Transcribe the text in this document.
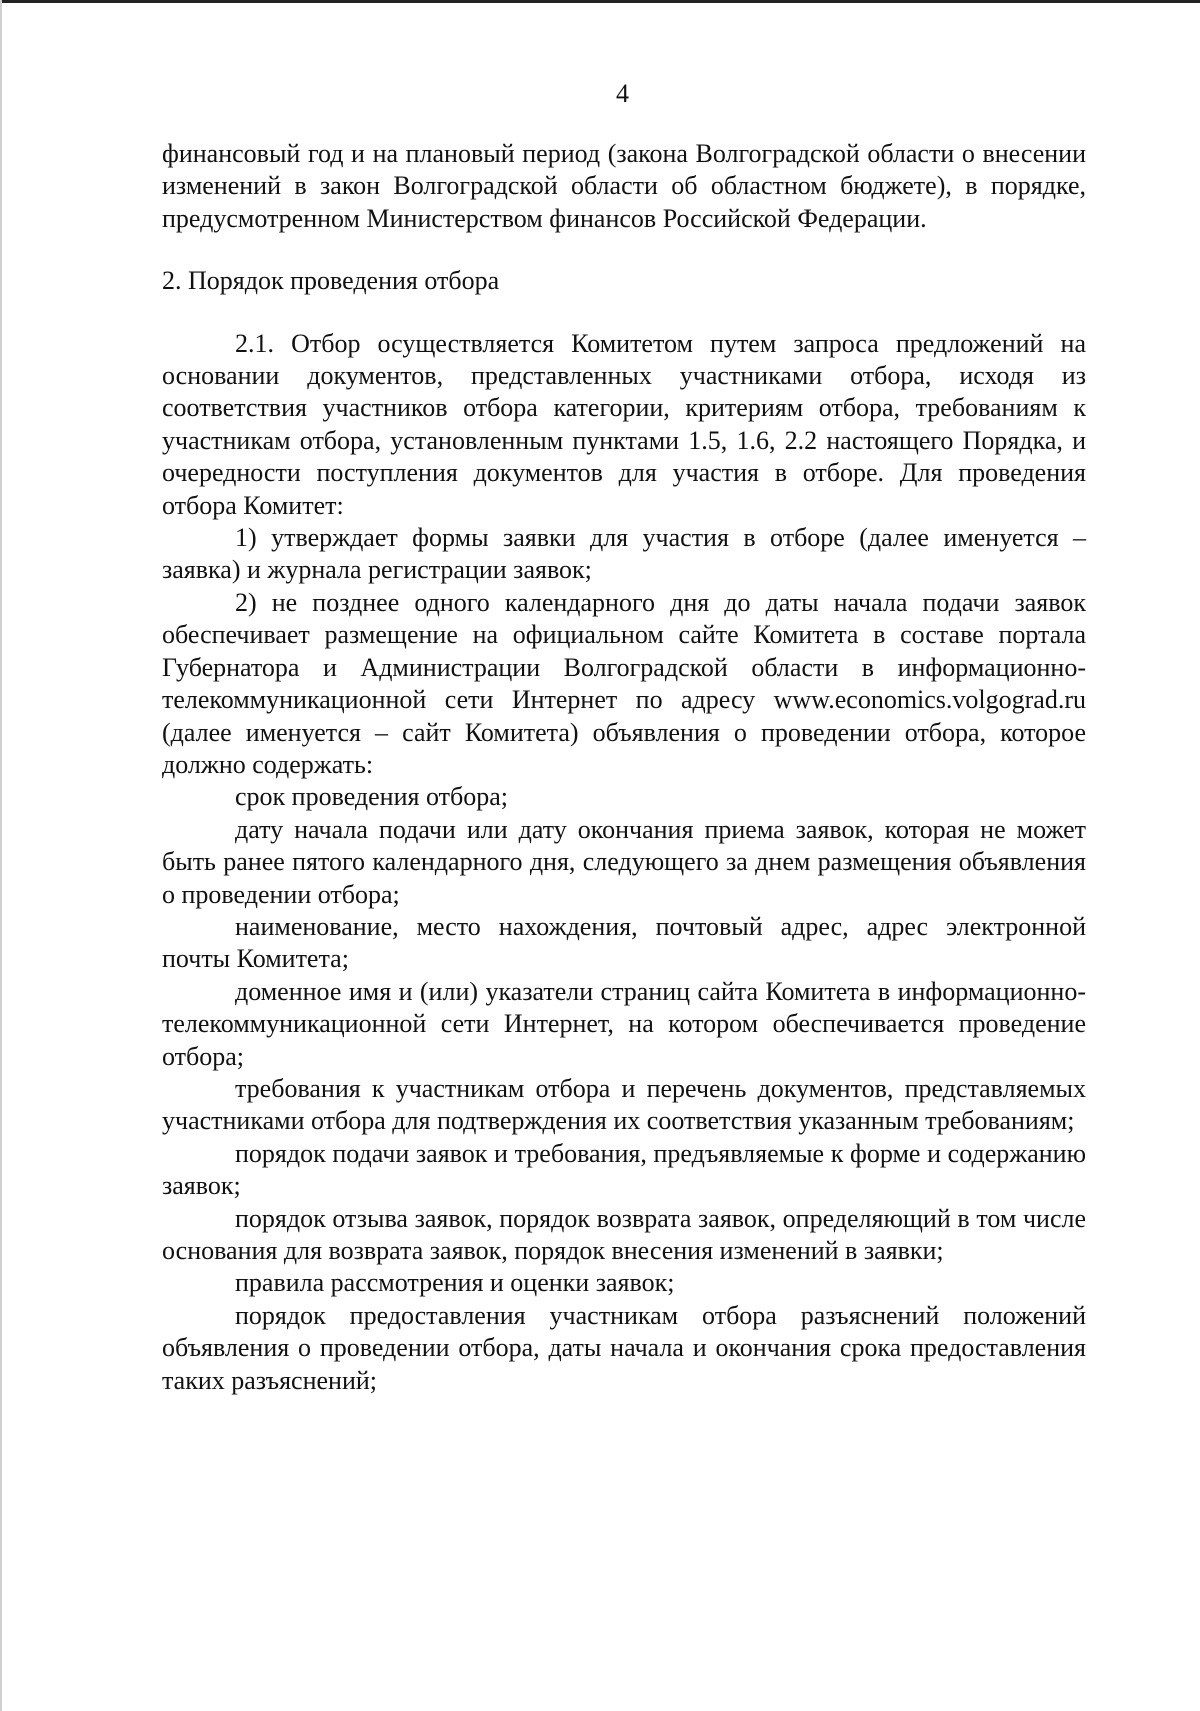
4

финансовый год и на плановый период (закона Волгоградской области о внесении изменений в закон Волгоградской области об областном бюджете), в порядке, предусмотренном Министерством финансов Российской Федерации.

2. Порядок проведения отбора

2.1. Отбор осуществляется Комитетом путем запроса предложений на основании документов, представленных участниками отбора, исходя из соответствия участников отбора категории, критериям отбора, требованиям к участникам отбора, установленным пунктами 1.5, 1.6, 2.2 настоящего Порядка, и очередности поступления документов для участия в отборе. Для проведения отбора Комитет:

1) утверждает формы заявки для участия в отборе (далее именуется – заявка) и журнала регистрации заявок;

2) не позднее одного календарного дня до даты начала подачи заявок обеспечивает размещение на официальном сайте Комитета в составе портала Губернатора и Администрации Волгоградской области в информационно-телекоммуникационной сети Интернет по адресу www.economics.volgograd.ru (далее именуется – сайт Комитета) объявления о проведении отбора, которое должно содержать:

срок проведения отбора;

дату начала подачи или дату окончания приема заявок, которая не может быть ранее пятого календарного дня, следующего за днем размещения объявления о проведении отбора;

наименование, место нахождения, почтовый адрес, адрес электронной почты Комитета;

доменное имя и (или) указатели страниц сайта Комитета в информационно-телекоммуникационной сети Интернет, на котором обеспечивается проведение отбора;

требования к участникам отбора и перечень документов, представляемых участниками отбора для подтверждения их соответствия указанным требованиям;

порядок подачи заявок и требования, предъявляемые к форме и содержанию заявок;

порядок отзыва заявок, порядок возврата заявок, определяющий в том числе основания для возврата заявок, порядок внесения изменений в заявки;

правила рассмотрения и оценки заявок;

порядок предоставления участникам отбора разъяснений положений объявления о проведении отбора, даты начала и окончания срока предоставления таких разъяснений;
